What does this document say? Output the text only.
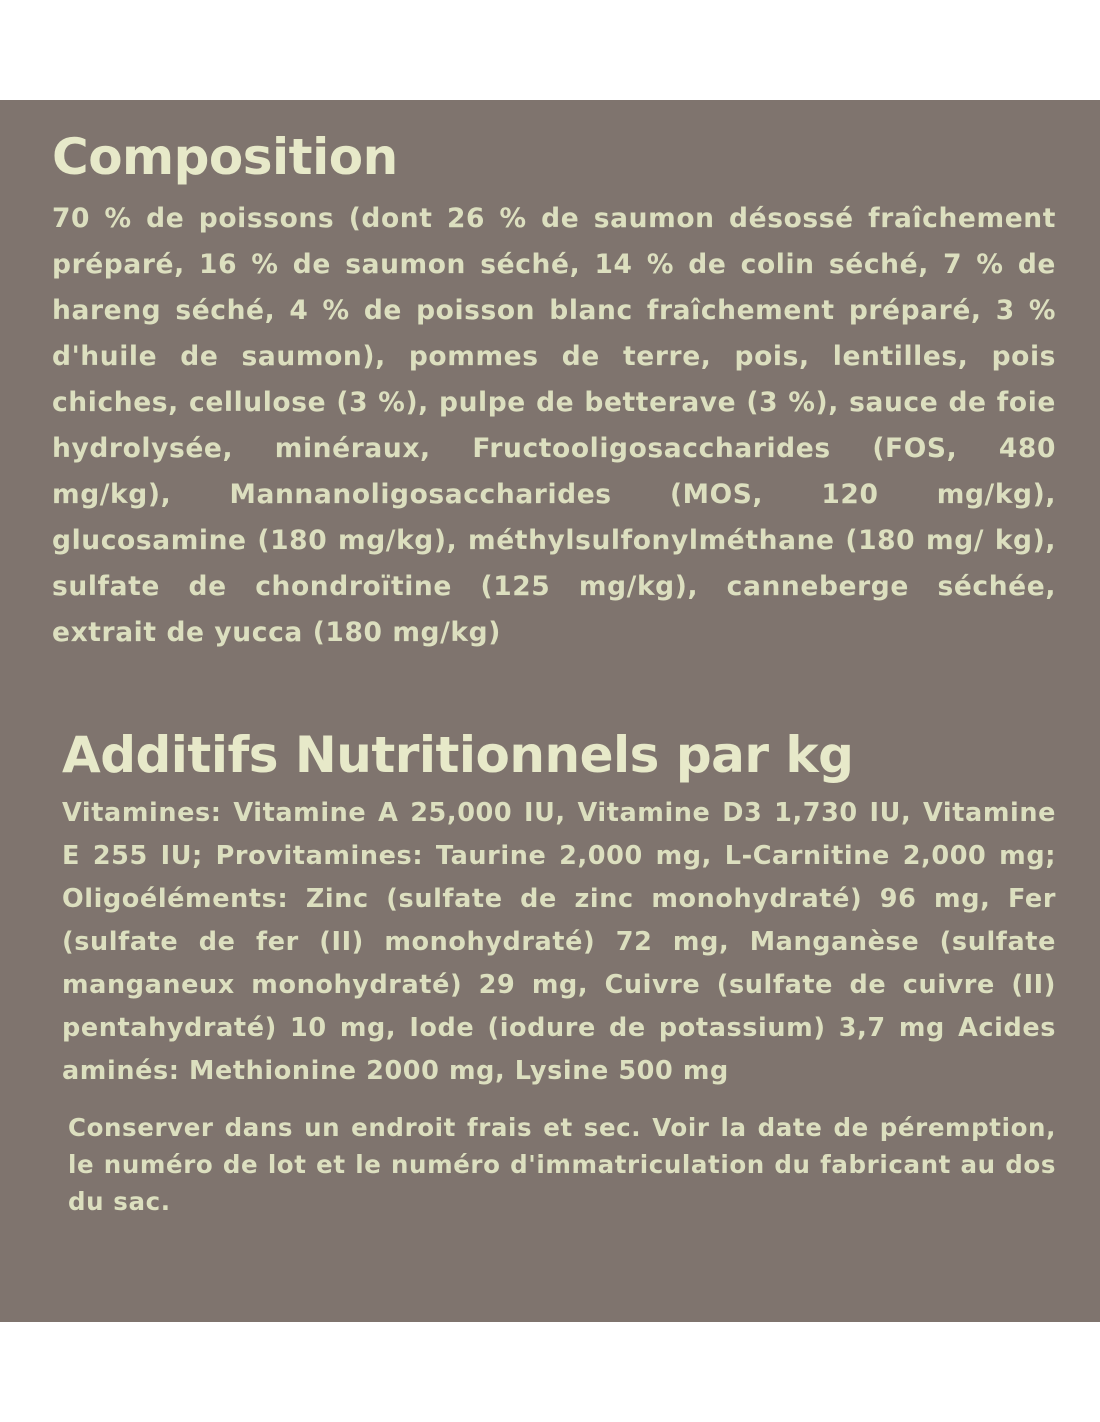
Composition

70 % de poissons (dont 26 % de saumon désossé fraîchement préparé, 16 % de saumon séché, 14 % de colin séché, 7 % de hareng séché, 4 % de poisson blanc fraîchement préparé, 3 % d'huile de saumon), pommes de terre, pois, lentilles, pois chiches, cellulose (3 %), pulpe de betterave (3 %), sauce de foie hydrolysée, minéraux, Fructooligosaccharides (FOS, 480 mg/kg), Mannanoligosaccharides (MOS, 120 mg/kg), glucosamine (180 mg/kg), méthylsulfonylméthane (180 mg/ kg), sulfate de chondroïtine (125 mg/kg), canneberge séchée, extrait de yucca (180 mg/kg)

Additifs Nutritionnels par kg

Vitamines: Vitamine A 25,000 IU, Vitamine D3 1,730 IU, Vitamine E 255 IU; Provitamines: Taurine 2,000 mg, L-Carnitine 2,000 mg; Oligoéléments: Zinc (sulfate de zinc monohydraté) 96 mg, Fer (sulfate de fer (II) monohydraté) 72 mg, Manganèse (sulfate manganeux monohydraté) 29 mg, Cuivre (sulfate de cuivre (II) pentahydraté) 10 mg, Iode (iodure de potassium) 3,7 mg Acides aminés: Methionine 2000 mg, Lysine 500 mg

Conserver dans un endroit frais et sec. Voir la date de péremption, le numéro de lot et le numéro d'immatriculation du fabricant au dos du sac.
